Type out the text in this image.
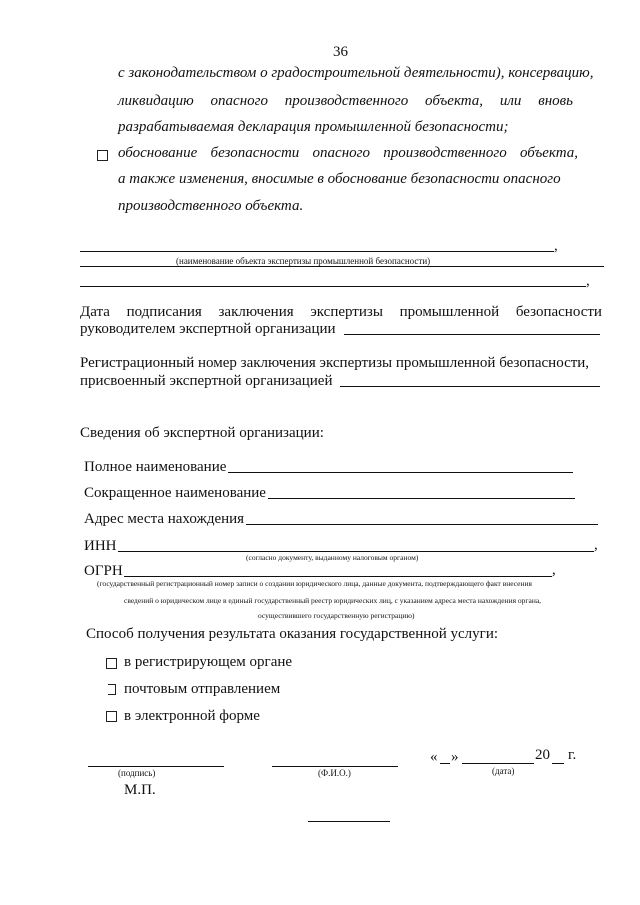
36
с законодательством о градостроительной деятельности), консервацию,
ликвидацию опасного производственного объекта, или вновь
разрабатываемая декларация промышленной безопасности;
обоснование безопасности опасного производственного объекта,
а также изменения, вносимые в обоснование безопасности опасного
производственного объекта.
,
(наименование объекта экспертизы промышленной безопасности)
,
Дата подписания заключения экспертизы промышленной безопасности
руководителем экспертной организации
Регистрационный номер заключения экспертизы промышленной безопасности,
присвоенный экспертной организацией
Сведения об экспертной организации:
Полное наименование
Сокращенное наименование
Адрес места нахождения
ИНН	,
(согласно документу, выданному налоговым органом)
ОГРН	,
(государственный регистрационный номер записи о создании юридического лица, данные документа, подтверждающего факт внесения
сведений о юридическом лице в единый государственный реестр юридических лиц, с указанием адреса места нахождения органа,
осуществившего государственную регистрацию)
Способ получения результата оказания государственной услуги:
в регистрирующем органе
почтовым отправлением
в электронной форме
(подпись)	(Ф.И.О.)
« »	20 г.
(дата)
М.П.
